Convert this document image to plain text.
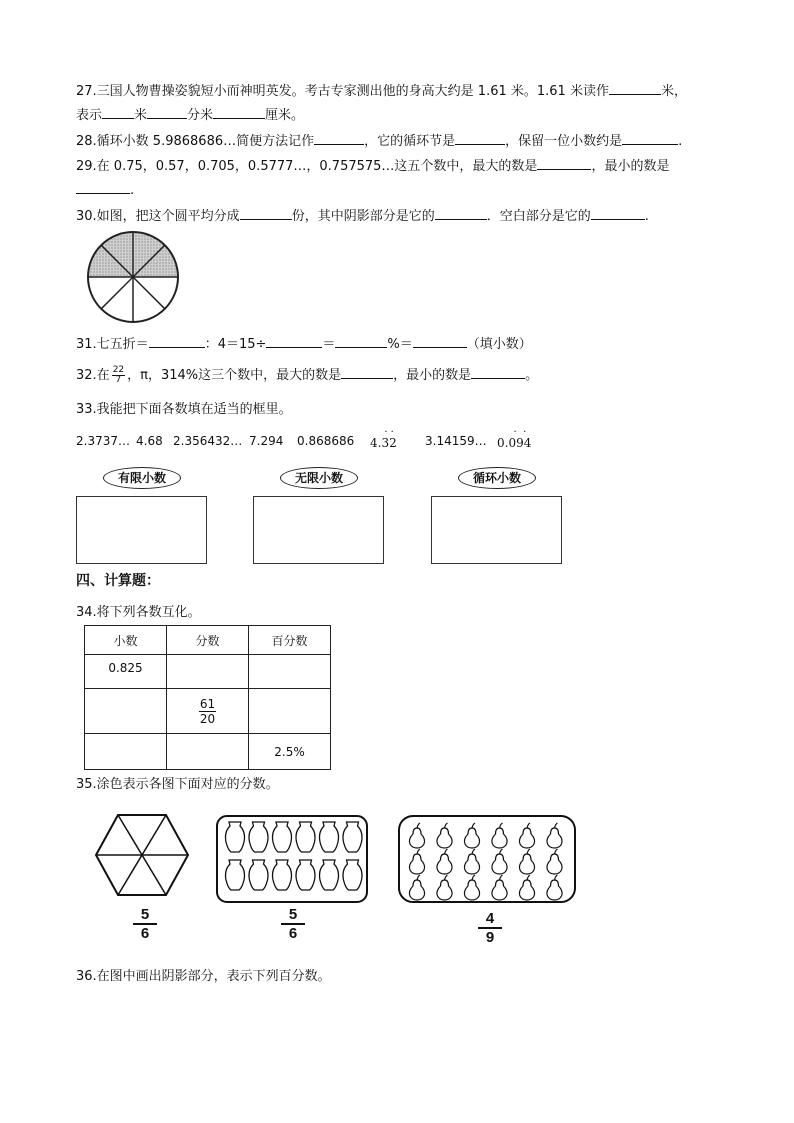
27.三国人物曹操姿貌短小而神明英发。考古专家测出他的身高大约是 1.61 米。1.61 米读作	米，
表示 米	分米	厘米。
28.循环小数 5.9868686…简便方法记作	，它的循环节是	，保留一位小数约是	.
29.在 0.75，0.57，0.705，0.5777…，0.757575…这五个数中，最大的数是	，最小的数是
.
30.如图，把这个圆平均分成	份，其中阴影部分是它的	．空白部分是它的	.
31.七五折＝	：4＝15÷	＝	%＝	（填小数）
32.在 $\frac{22}{7}$ ，π，314%这三个数中，最大的数是	，最小的数是	。
33.我能把下面各数填在适当的框里。
2.3737… 4.68 2.356432… 7.294 0.868686 4.
· ·
32 3.14159… 0.
·  ·
094
有限小数	无限小数	循环小数
四、计算题：
34.将下列各数互化。
小数	分数	百分数
0.825		

	$\frac{61}{20}$

		2.5%
35.涂色表示各图下面对应的分数。
$\frac{5}{6}$	$\frac{5}{6}$	$\frac{4}{9}$
36.在图中画出阴影部分，表示下列百分数。
